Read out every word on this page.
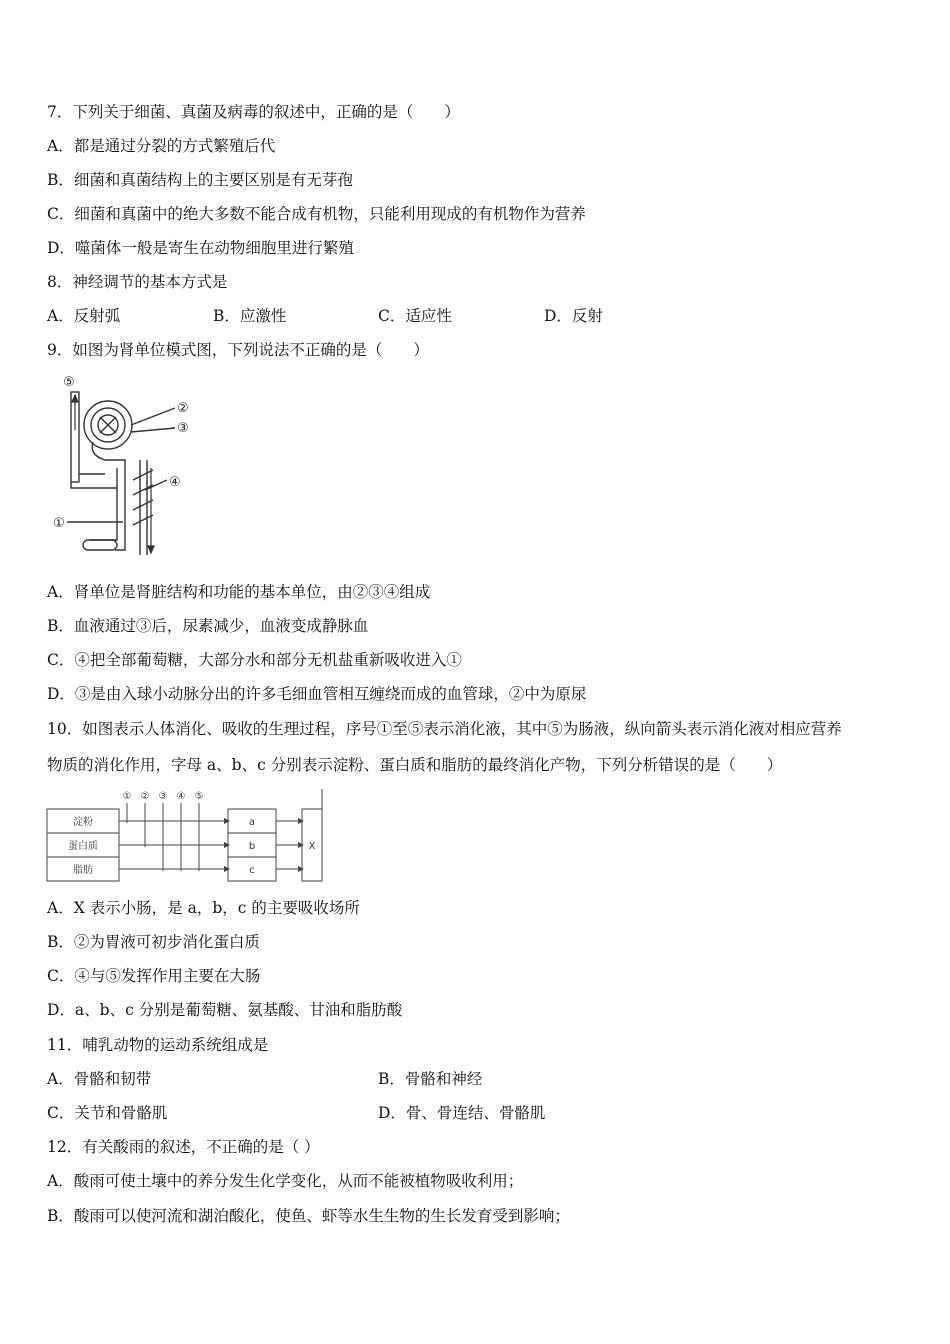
7．下列关于细菌、真菌及病毒的叙述中，正确的是（　　）
A．都是通过分裂的方式繁殖后代
B．细菌和真菌结构上的主要区别是有无芽孢
C．细菌和真菌中的绝大多数不能合成有机物，只能利用现成的有机物作为营养
D．噬菌体一般是寄生在动物细胞里进行繁殖
8．神经调节的基本方式是
A．反射弧	B．应激性	C．适应性	D．反射
9．如图为肾单位模式图，下列说法不正确的是（　　）
⑤
②
③
④
①
A．肾单位是肾脏结构和功能的基本单位，由②③④组成
B．血液通过③后，尿素减少，血液变成静脉血
C．④把全部葡萄糖，大部分水和部分无机盐重新吸收进入①
D．③是由入球小动脉分出的许多毛细血管相互缠绕而成的血管球，②中为原尿
10．如图表示人体消化、吸收的生理过程，序号①至⑤表示消化液，其中⑤为肠液，纵向箭头表示消化液对相应营养
物质的消化作用，字母 a、b、c 分别表示淀粉、蛋白质和脂肪的最终消化产物，下列分析错误的是（　　）
淀粉
蛋白质
脂肪
① ② ③ ④ ⑤
a
b
c
X
A．X 表示小肠，是 a，b，c 的主要吸收场所
B．②为胃液可初步消化蛋白质
C．④与⑤发挥作用主要在大肠
D．a、b、c 分别是葡萄糖、氨基酸、甘油和脂肪酸
11．哺乳动物的运动系统组成是
A．骨骼和韧带	B．骨骼和神经
C．关节和骨骼肌	D．骨、骨连结、骨骼肌
12．有关酸雨的叙述，不正确的是（ ）
A．酸雨可使土壤中的养分发生化学变化，从而不能被植物吸收利用；
B．酸雨可以使河流和湖泊酸化，使鱼、虾等水生生物的生长发育受到影响；
